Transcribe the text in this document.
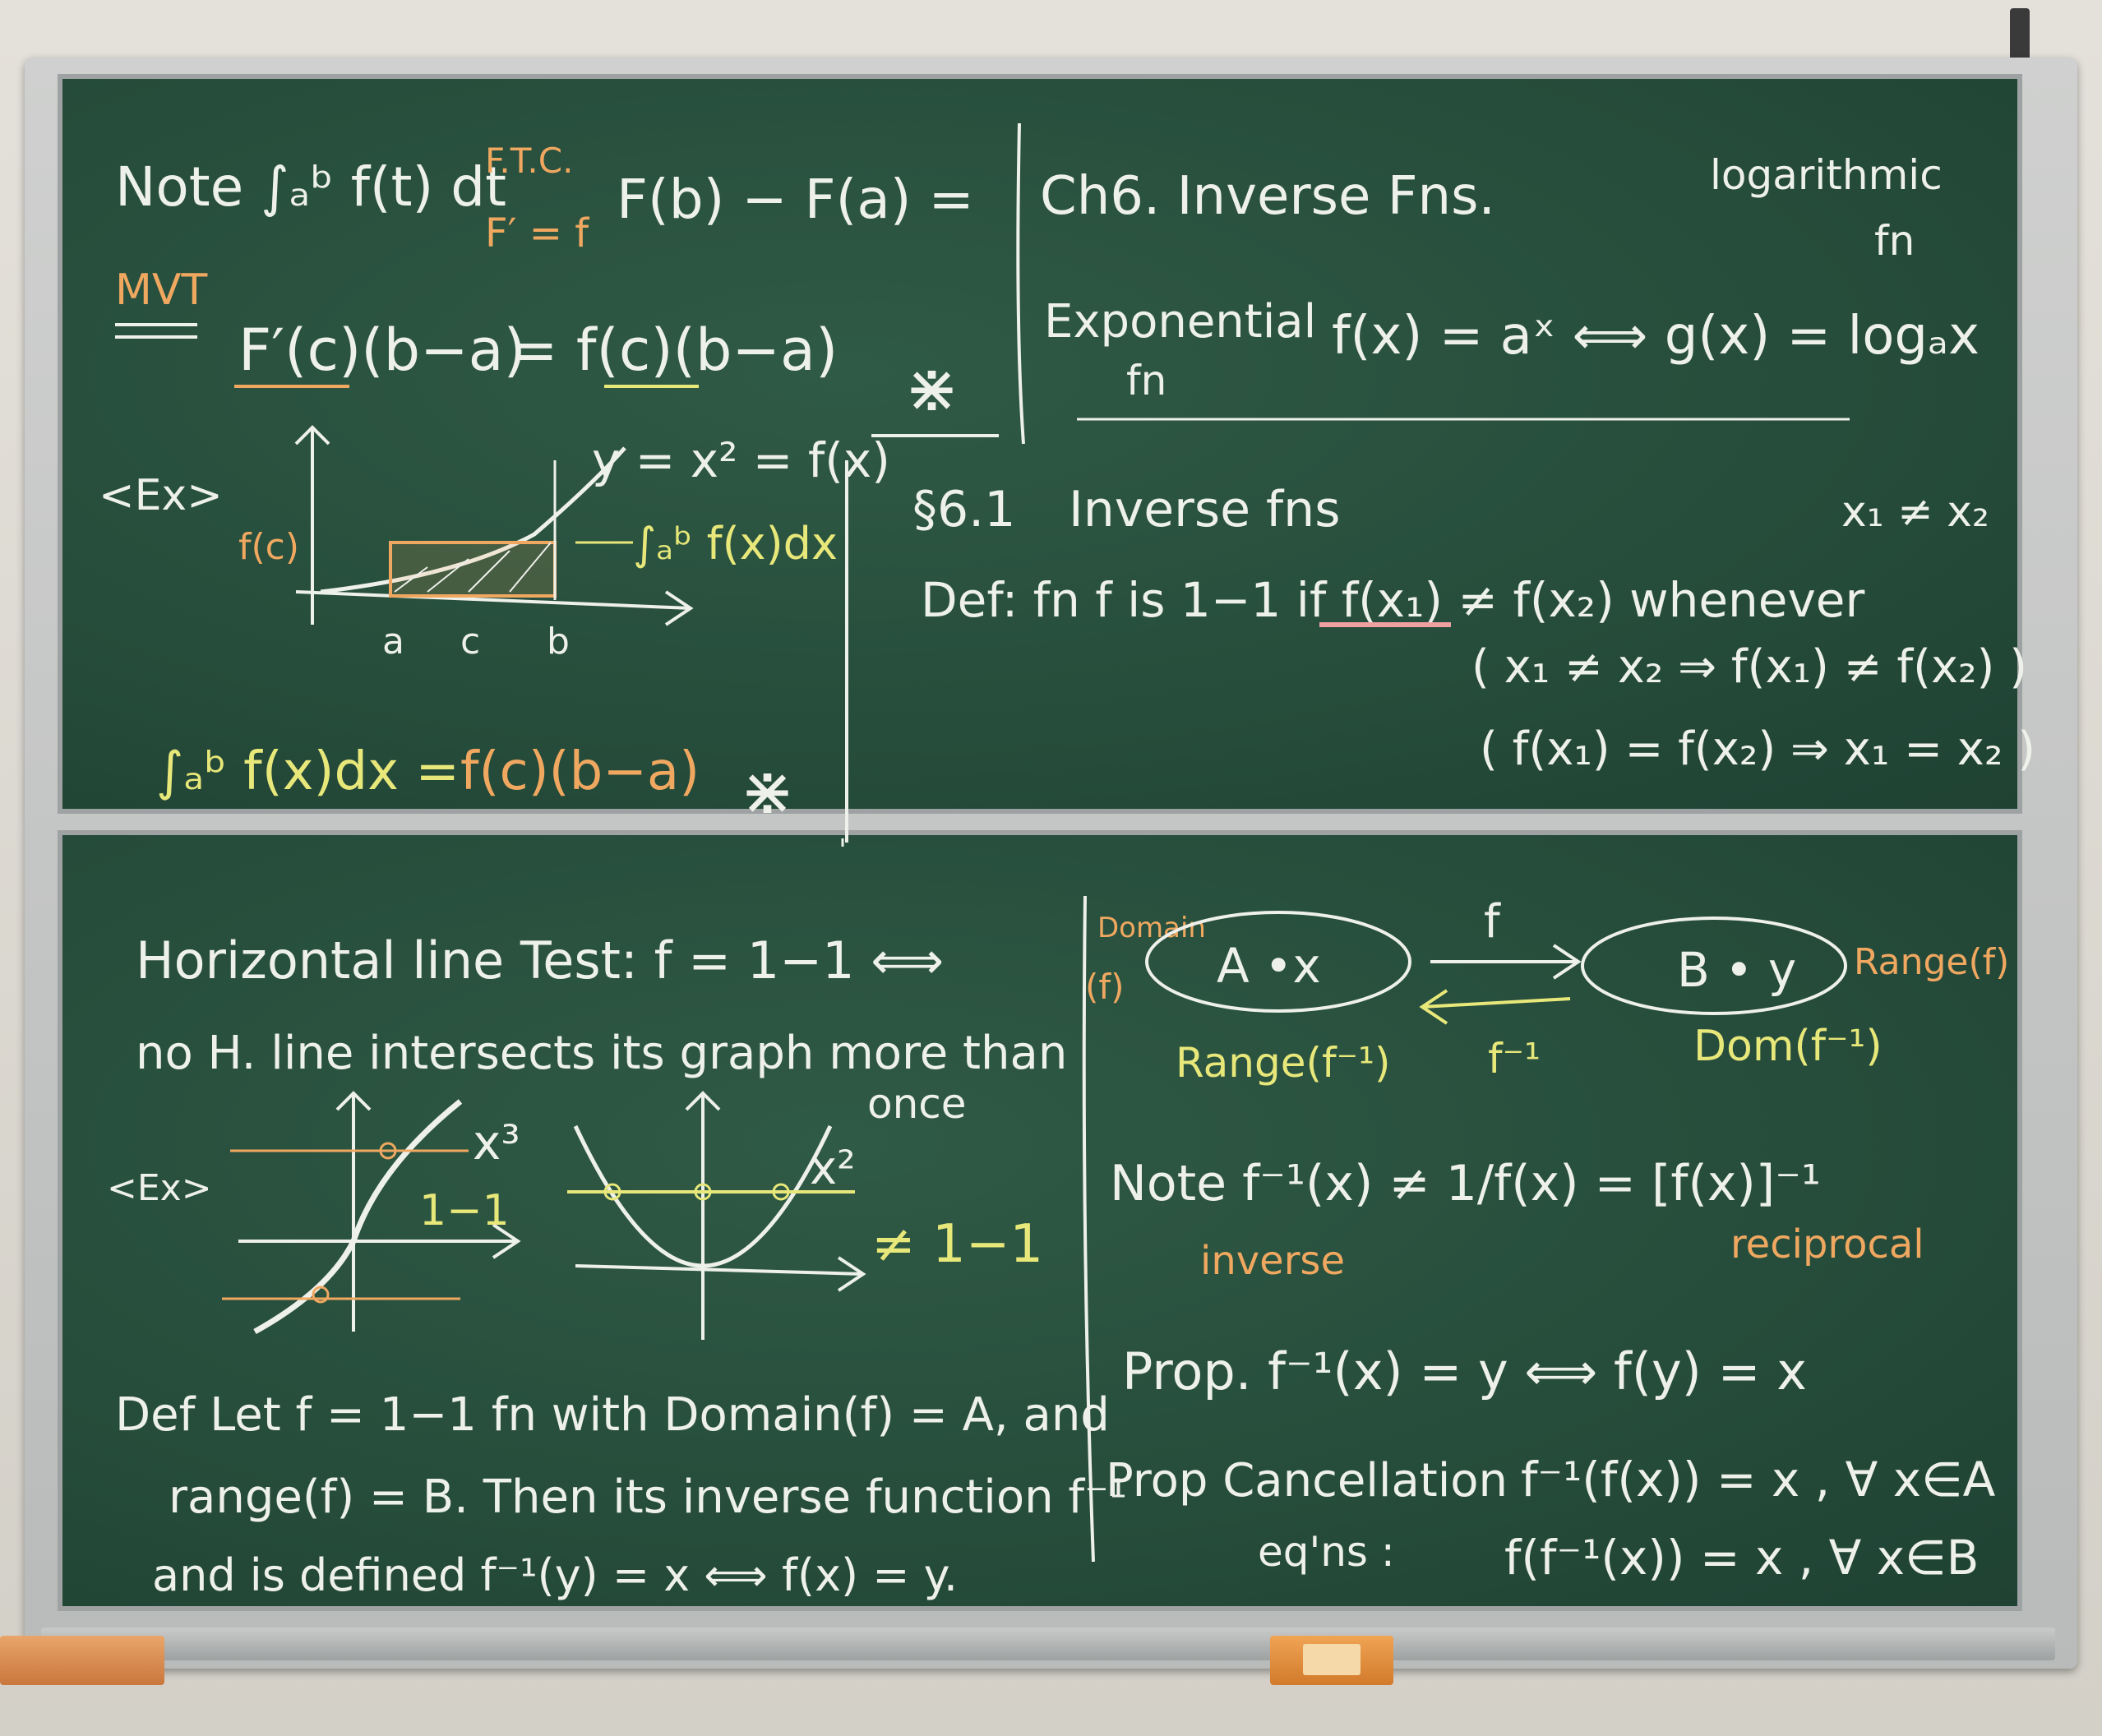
Note ∫ₐᵇ f(t) dt
F.T.C.
F′ = f
F(b) − F(a) =
MVT
F′(c)(b−a)
= f(c)(b−a) ⋇
<Ex>
y = x² = f(x)
f(c)	∫ₐᵇ f(x)dx
a c b
∫ₐᵇ f(x)dx = f(c)(b−a) ⋇
Ch6. Inverse Fns.	logarithmic
fn
Exponential
fn
f(x) = aˣ ⟺ g(x) = logₐx
§6.1 Inverse fns	x₁ ≠ x₂
Def: fn f is 1−1 if f(x₁) ≠ f(x₂) whenever
( x₁ ≠ x₂ ⇒ f(x₁) ≠ f(x₂) )
( f(x₁) = f(x₂) ⇒ x₁ = x₂ )
Horizontal line Test: f = 1−1 ⟺
no H. line intersects its graph more than
once
<Ex>
x³
1−1
x²
≠ 1−1
Def Let f = 1−1 fn with Domain(f) = A, and
range(f) = B. Then its inverse function f⁻¹
and is defined f⁻¹(y) = x ⟺ f(x) = y.
Domain
(f) A •x
f
f⁻¹
B • y Range(f)
Range(f⁻¹)	Dom(f⁻¹)
Note f⁻¹(x) ≠ 1/f(x) = [f(x)]⁻¹
inverse	reciprocal
Prop. f⁻¹(x) = y ⟺ f(y) = x
Prop Cancellation
eq'ns :
f⁻¹(f(x)) = x , ∀ x∈A
f(f⁻¹(x)) = x , ∀ x∈B
